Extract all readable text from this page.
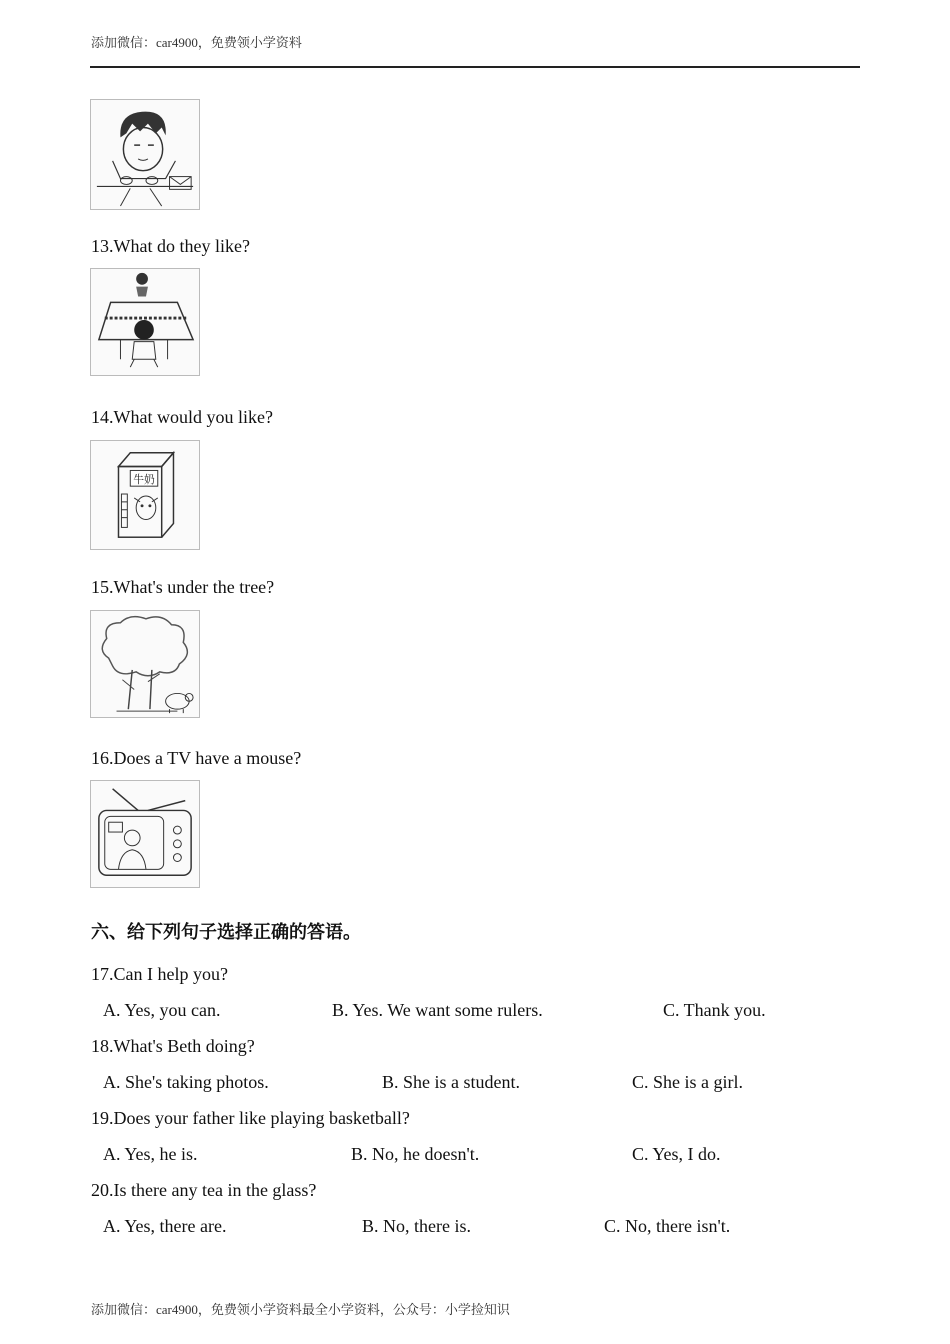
添加微信：car4900，免费领小学资料
13.What do they like?
14.What would you like?
牛奶
15.What's under the tree?
16.Does a TV have a mouse?
六、给下列句子选择正确的答语。
17.Can I help you?
A. Yes, you can.	B. Yes. We want some rulers.	C. Thank you.
18.What's Beth doing?
A. She's taking photos.	B. She is a student.	C. She is a girl.
19.Does your father like playing basketball?
A. Yes, he is.	B. No, he doesn't.	C. Yes, I do.
20.Is there any tea in the glass?
A. Yes, there are.	B. No, there is.	C. No, there isn't.
添加微信：car4900，免费领小学资料最全小学资料，公众号：小学捡知识
